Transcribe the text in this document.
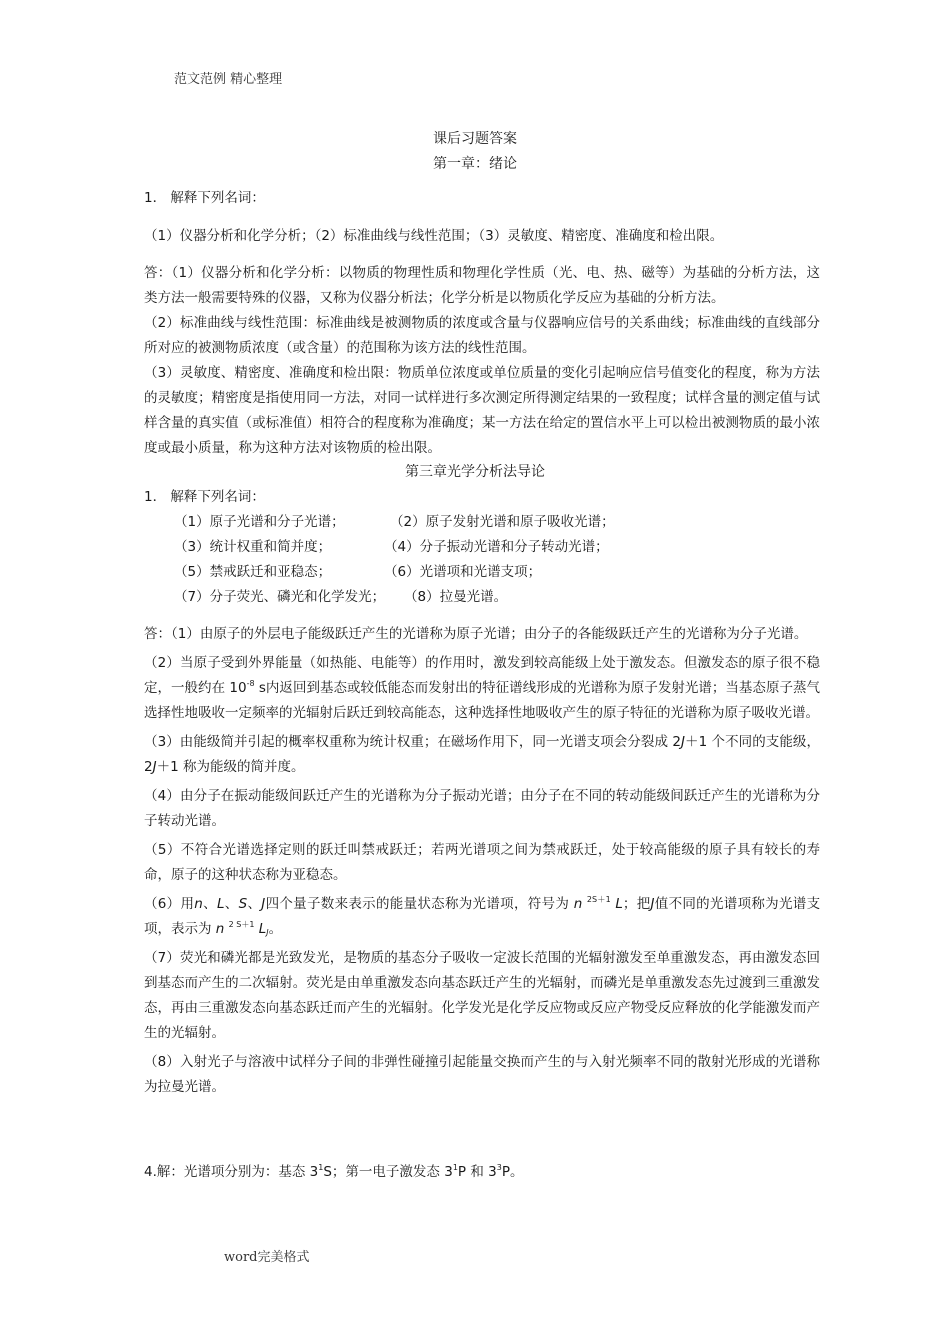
范文范例 精心整理
课后习题答案
第一章：绪论
1． 解释下列名词：
（1）仪器分析和化学分析；（2）标准曲线与线性范围；（3）灵敏度、精密度、准确度和检出限。

答：（1）仪器分析和化学分析：以物质的物理性质和物理化学性质（光、电、热、磁等）为基础的分析方法，这类方法一般需要特殊的仪器，又称为仪器分析法；化学分析是以物质化学反应为基础的分析方法。

（2）标准曲线与线性范围：标准曲线是被测物质的浓度或含量与仪器响应信号的关系曲线；标准曲线的直线部分所对应的被测物质浓度（或含量）的范围称为该方法的线性范围。

（3）灵敏度、精密度、准确度和检出限：物质单位浓度或单位质量的变化引起响应信号值变化的程度，称为方法的灵敏度；精密度是指使用同一方法，对同一试样进行多次测定所得测定结果的一致程度；试样含量的测定值与试样含量的真实值（或标准值）相符合的程度称为准确度；某一方法在给定的置信水平上可以检出被测物质的最小浓度或最小质量，称为这种方法对该物质的检出限。

第三章光学分析法导论
1． 解释下列名词：
（1）原子光谱和分子光谱；	（2）原子发射光谱和原子吸收光谱；
（3）统计权重和简并度；	（4）分子振动光谱和分子转动光谱；
（5）禁戒跃迁和亚稳态；	（6）光谱项和光谱支项；
（7）分子荧光、磷光和化学发光； （8）拉曼光谱。

答：（1）由原子的外层电子能级跃迁产生的光谱称为原子光谱；由分子的各能级跃迁产生的光谱称为分子光谱。

（2）当原子受到外界能量（如热能、电能等）的作用时，激发到较高能级上处于激发态。但激发态的原子很不稳定，一般约在 $10^{-8}$ s内返回到基态或较低能态而发射出的特征谱线形成的光谱称为原子发射光谱；当基态原子蒸气选择性地吸收一定频率的光辐射后跃迁到较高能态，这种选择性地吸收产生的原子特征的光谱称为原子吸收光谱。

（3）由能级简并引起的概率权重称为统计权重；在磁场作用下，同一光谱支项会分裂成 2J＋1 个不同的支能级，2J＋1 称为能级的简并度。

（4）由分子在振动能级间跃迁产生的光谱称为分子振动光谱；由分子在不同的转动能级间跃迁产生的光谱称为分子转动光谱。

（5）不符合光谱选择定则的跃迁叫禁戒跃迁；若两光谱项之间为禁戒跃迁，处于较高能级的原子具有较长的寿命，原子的这种状态称为亚稳态。

（6）用n、L、S、J四个量子数来表示的能量状态称为光谱项，符号为 n $^{2S+1}$ L；把J值不同的光谱项称为光谱支项，表示为 n $^{2 S+1}$ $L_J$。

（7）荧光和磷光都是光致发光，是物质的基态分子吸收一定波长范围的光辐射激发至单重激发态，再由激发态回到基态而产生的二次辐射。荧光是由单重激发态向基态跃迁产生的光辐射，而磷光是单重激发态先过渡到三重激发态，再由三重激发态向基态跃迁而产生的光辐射。化学发光是化学反应物或反应产物受反应释放的化学能激发而产生的光辐射。

（8）入射光子与溶液中试样分子间的非弹性碰撞引起能量交换而产生的与入射光频率不同的散射光形成的光谱称为拉曼光谱。

4.解：光谱项分别为：基态 $3^1S$；第一电子激发态 $3^1P$ 和 $3^3P$。
word完美格式
